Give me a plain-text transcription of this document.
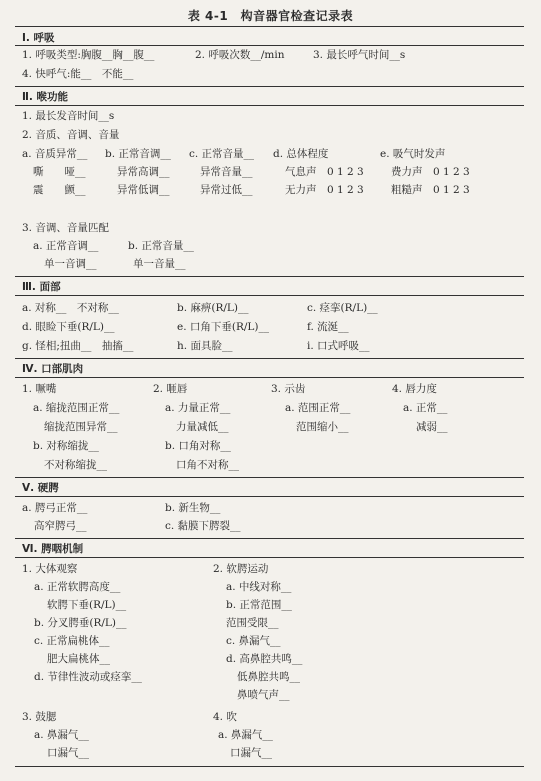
表 4-1　构音器官检查记录表
Ⅰ. 呼吸
1. 呼吸类型:胸腹__胸__腹__	2. 呼吸次数__/min	3. 最长呼气时间__s
4. 快呼气:能__　不能__
Ⅱ. 喉功能
1. 最长发音时间__s
2. 音质、音调、音量
a. 音质异常__
嘶　　哑__
震　　颤__
b. 正常音调__
异常高调__
异常低调__
c. 正常音量__
异常音量__
异常过低__
d. 总体程度
气息声　0 1 2 3
无力声　0 1 2 3
e. 吸气时发声
费力声　0 1 2 3
粗糙声　0 1 2 3
3. 音调、音量匹配
a. 正常音调__
单一音调__
b. 正常音量__
单一音量__
Ⅲ. 面部
a. 对称__　不对称__
d. 眼睑下垂(R/L)__
g. 怪相;扭曲__　抽搐__
b. 麻痹(R/L)__
e. 口角下垂(R/L)__
h. 面具脸__
c. 痉挛(R/L)__
f. 流涎__
i. 口式呼吸__
Ⅳ. 口部肌肉
1. 噘嘴
a. 缩拢范围正常__
缩拢范围异常__
b. 对称缩拢__
不对称缩拢__
2. 咂唇
a. 力量正常__
力量减低__
b. 口角对称__
口角不对称__
3. 示齿
a. 范围正常__
范围缩小__
4. 唇力度
a. 正常__
减弱__
Ⅴ. 硬腭
a. 腭弓正常__
高窄腭弓__
b. 新生物__
c. 黏膜下腭裂__
Ⅵ. 腭咽机制
1. 大体观察
a. 正常软腭高度__
软腭下垂(R/L)__
b. 分叉腭垂(R/L)__
c. 正常扁桃体__
肥大扁桃体__
d. 节律性波动或痉挛__
2. 软腭运动
a. 中线对称__
b. 正常范围__
范围受限__
c. 鼻漏气__
d. 高鼻腔共鸣__
低鼻腔共鸣__
鼻喷气声__
3. 鼓腮
a. 鼻漏气__
口漏气__
4. 吹
a. 鼻漏气__
口漏气__
